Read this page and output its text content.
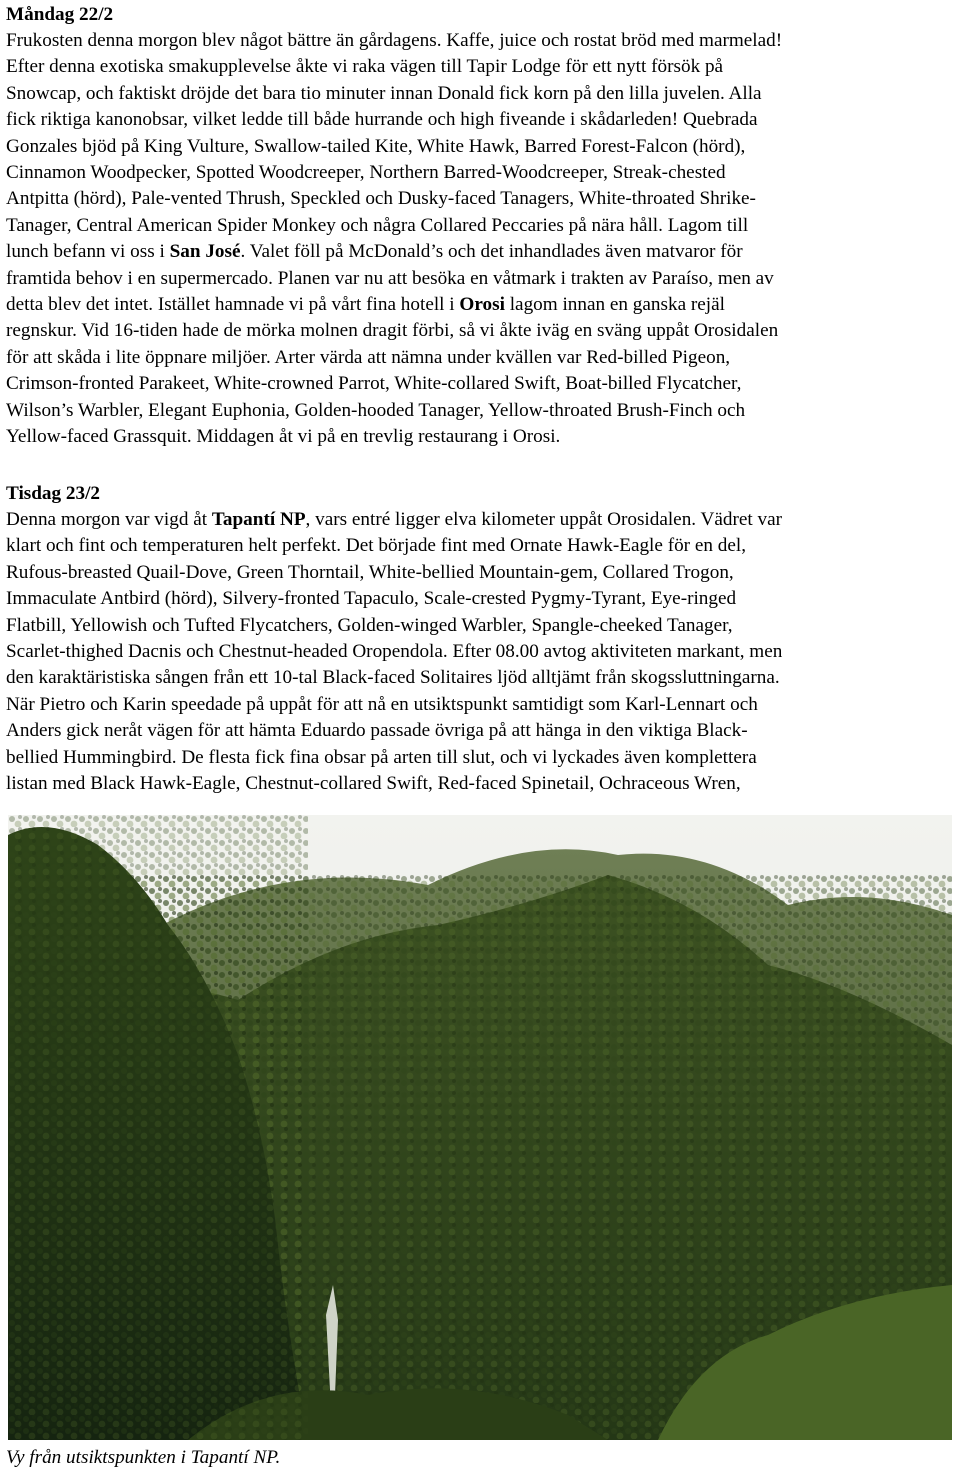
Måndag 22/2
Frukosten denna morgon blev något bättre än gårdagens. Kaffe, juice och rostat bröd med marmelad!
Efter denna exotiska smakupplevelse åkte vi raka vägen till Tapir Lodge för ett nytt försök på
Snowcap, och faktiskt dröjde det bara tio minuter innan Donald fick korn på den lilla juvelen. Alla
fick riktiga kanonobsar, vilket ledde till både hurrande och high fiveande i skådarleden! Quebrada
Gonzales bjöd på King Vulture, Swallow-tailed Kite, White Hawk, Barred Forest-Falcon (hörd),
Cinnamon Woodpecker, Spotted Woodcreeper, Northern Barred-Woodcreeper, Streak-chested
Antpitta (hörd), Pale-vented Thrush, Speckled och Dusky-faced Tanagers, White-throated Shrike-
Tanager, Central American Spider Monkey och några Collared Peccaries på nära håll. Lagom till
lunch befann vi oss i San José. Valet föll på McDonald’s och det inhandlades även matvaror för
framtida behov i en supermercado. Planen var nu att besöka en våtmark i trakten av Paraíso, men av
detta blev det intet. Istället hamnade vi på vårt fina hotell i Orosi lagom innan en ganska rejäl
regnskur. Vid 16-tiden hade de mörka molnen dragit förbi, så vi åkte iväg en sväng uppåt Orosidalen
för att skåda i lite öppnare miljöer. Arter värda att nämna under kvällen var Red-billed Pigeon,
Crimson-fronted Parakeet, White-crowned Parrot, White-collared Swift, Boat-billed Flycatcher,
Wilson’s Warbler, Elegant Euphonia, Golden-hooded Tanager, Yellow-throated Brush-Finch och
Yellow-faced Grassquit. Middagen åt vi på en trevlig restaurang i Orosi.
Tisdag 23/2
Denna morgon var vigd åt Tapantí NP, vars entré ligger elva kilometer uppåt Orosidalen. Vädret var
klart och fint och temperaturen helt perfekt. Det började fint med Ornate Hawk-Eagle för en del,
Rufous-breasted Quail-Dove, Green Thorntail, White-bellied Mountain-gem, Collared Trogon,
Immaculate Antbird (hörd), Silvery-fronted Tapaculo, Scale-crested Pygmy-Tyrant, Eye-ringed
Flatbill, Yellowish och Tufted Flycatchers, Golden-winged Warbler, Spangle-cheeked Tanager,
Scarlet-thighed Dacnis och Chestnut-headed Oropendola. Efter 08.00 avtog aktiviteten markant, men
den karaktäristiska sången från ett 10-tal Black-faced Solitaires ljöd alltjämt från skogssluttningarna.
När Pietro och Karin speedade på uppåt för att nå en utsiktspunkt samtidigt som Karl-Lennart och
Anders gick neråt vägen för att hämta Eduardo passade övriga på att hänga in den viktiga Black-
bellied Hummingbird. De flesta fick fina obsar på arten till slut, och vi lyckades även komplettera
listan med Black Hawk-Eagle, Chestnut-collared Swift, Red-faced Spinetail, Ochraceous Wren,
Vy från utsiktspunkten i Tapantí NP.
